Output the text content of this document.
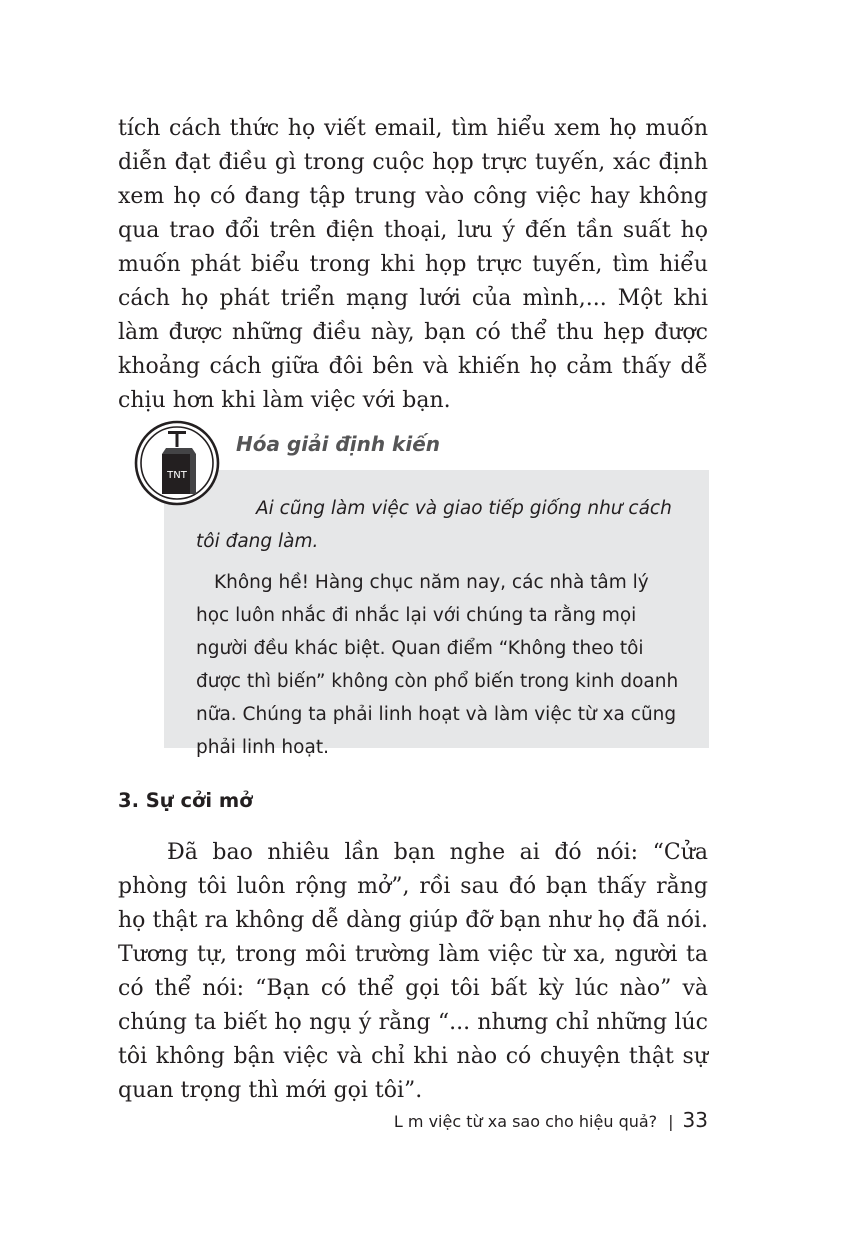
tích cách thức họ viết email, tìm hiểu xem họ muốn diễn đạt điều gì trong cuộc họp trực tuyến, xác định xem họ có đang tập trung vào công việc hay không qua trao đổi trên điện thoại, lưu ý đến tần suất họ muốn phát biểu trong khi họp trực tuyến, tìm hiểu cách họ phát triển mạng lưới của mình,... Một khi làm được những điều này, bạn có thể thu hẹp được khoảng cách giữa đôi bên và khiến họ cảm thấy dễ chịu hơn khi làm việc với bạn.

TNT

Hóa giải định kiến

Ai cũng làm việc và giao tiếp giống như cách tôi đang làm.

Không hề! Hàng chục năm nay, các nhà tâm lý học luôn nhắc đi nhắc lại với chúng ta rằng mọi người đều khác biệt. Quan điểm “Không theo tôi được thì biến” không còn phổ biến trong kinh doanh nữa. Chúng ta phải linh hoạt và làm việc từ xa cũng phải linh hoạt.

3. Sự cởi mở

Đã bao nhiêu lần bạn nghe ai đó nói: “Cửa phòng tôi luôn rộng mở”, rồi sau đó bạn thấy rằng họ thật ra không dễ dàng giúp đỡ bạn như họ đã nói. Tương tự, trong môi trường làm việc từ xa, người ta có thể nói: “Bạn có thể gọi tôi bất kỳ lúc nào” và chúng ta biết họ ngụ ý rằng “... nhưng chỉ những lúc tôi không bận việc và chỉ khi nào có chuyện thật sự quan trọng thì mới gọi tôi”.

L m việc từ xa sao cho hiệu quả? | 33
